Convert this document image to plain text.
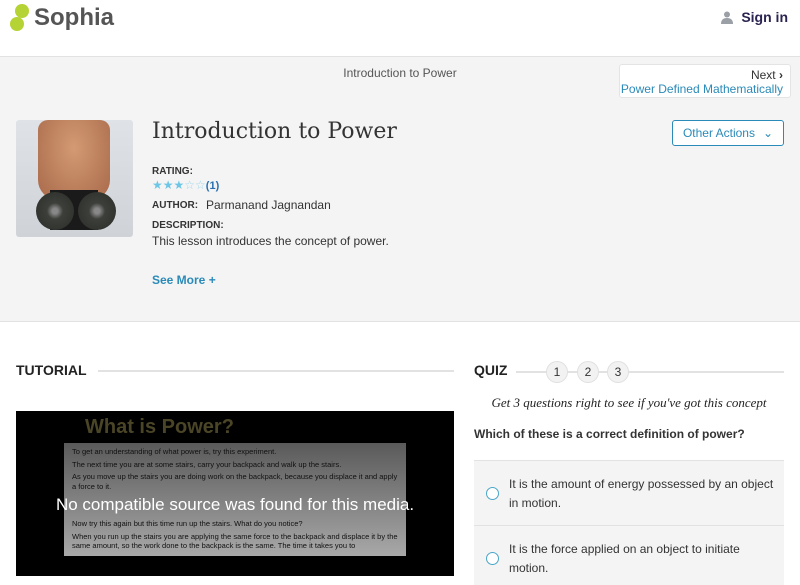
Sophia	Sign in
Introduction to Power	Next ›
Power Defined Mathematically
Introduction to Power	Other Actions ⌄
RATING:
★★★☆☆(1)
AUTHOR: Parmanand Jagnandan
DESCRIPTION:
This lesson introduces the concept of power.
See More +
TUTORIAL
What is Power?

To get an understanding of what power is, try this experiment.

The next time you are at some stairs, carry your backpack and walk up the stairs.

As you move up the stairs you are doing work on the backpack, because you displace it and apply a force to it.

No compatible source was found for this media.

Now try this again but this time run up the stairs. What do you notice?

When you run up the stairs you are applying the same force to the backpack and displace it by the same amount, so the work done to the backpack is the same. The time it takes you to

QUIZ	1	2	3
Get 3 questions right to see if you've got this concept
Which of these is a correct definition of power?
It is the amount of energy possessed by an object in motion.
It is the force applied on an object to initiate motion.
